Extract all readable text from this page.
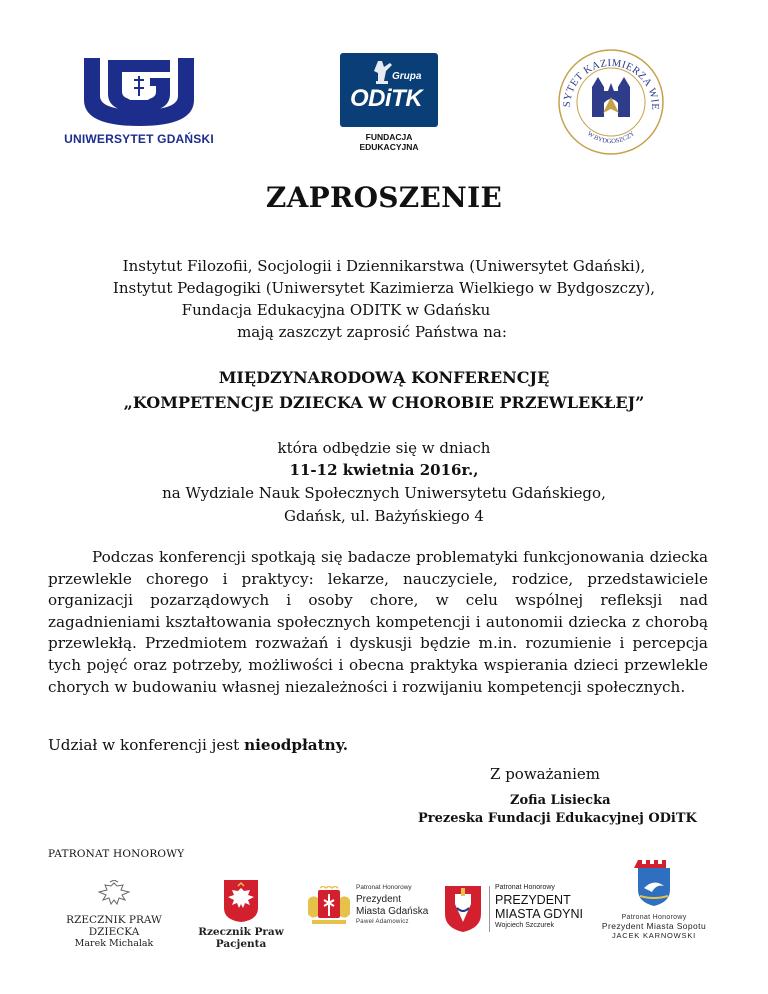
UNIWERSYTET GDAŃSKI
Grupa
ODiTK
FUNDACJA EDUKACYJNA
SYTET KAZIMIERZA WIE
W BYDGOSZCZY
ZAPROSZENIE
Instytut Filozofii, Socjologii i Dziennikarstwa (Uniwersytet Gdański),
Instytut Pedagogiki (Uniwersytet Kazimierza Wielkiego w Bydgoszczy),
Fundacja Edukacyjna ODITK w Gdańsku
mają zaszczyt zaprosić Państwa na:
MIĘDZYNARODOWĄ KONFERENCJĘ
„KOMPETENCJE DZIECKA W CHOROBIE PRZEWLEKŁEJ”
która odbędzie się w dniach
11-12 kwietnia 2016r.,
na Wydziale Nauk Społecznych Uniwersytetu Gdańskiego,
Gdańsk, ul. Bażyńskiego 4

Podczas konferencji spotkają się badacze problematyki funkcjonowania dziecka przewlekle chorego i praktycy: lekarze, nauczyciele, rodzice, przedstawiciele organizacji pozarządowych i osoby chore, w celu wspólnej refleksji nad zagadnieniami kształtowania społecznych kompetencji i autonomii dziecka z chorobą przewlekłą. Przedmiotem rozważań i dyskusji będzie m.in. rozumienie i percepcja tych pojęć oraz potrzeby, możliwości i obecna praktyka wspierania dzieci przewlekle chorych w budowaniu własnej niezależności i rozwijaniu kompetencji społecznych.

Udział w konferencji jest nieodpłatny.
Z poważaniem
Zofia Lisiecka
Prezeska Fundacji Edukacyjnej ODiTK
PATRONAT HONOROWY
RZECZNIK PRAW DZIECKA
Marek Michalak
Rzecznik Praw Pacjenta
Patronat Honorowy
Prezydent
Miasta Gdańska
Paweł Adamowicz
Patronat Honorowy
PREZYDENT
MIASTA GDYNI
Wojciech Szczurek
Patronat Honorowy
Prezydent Miasta Sopotu
JACEK KARNOWSKI
